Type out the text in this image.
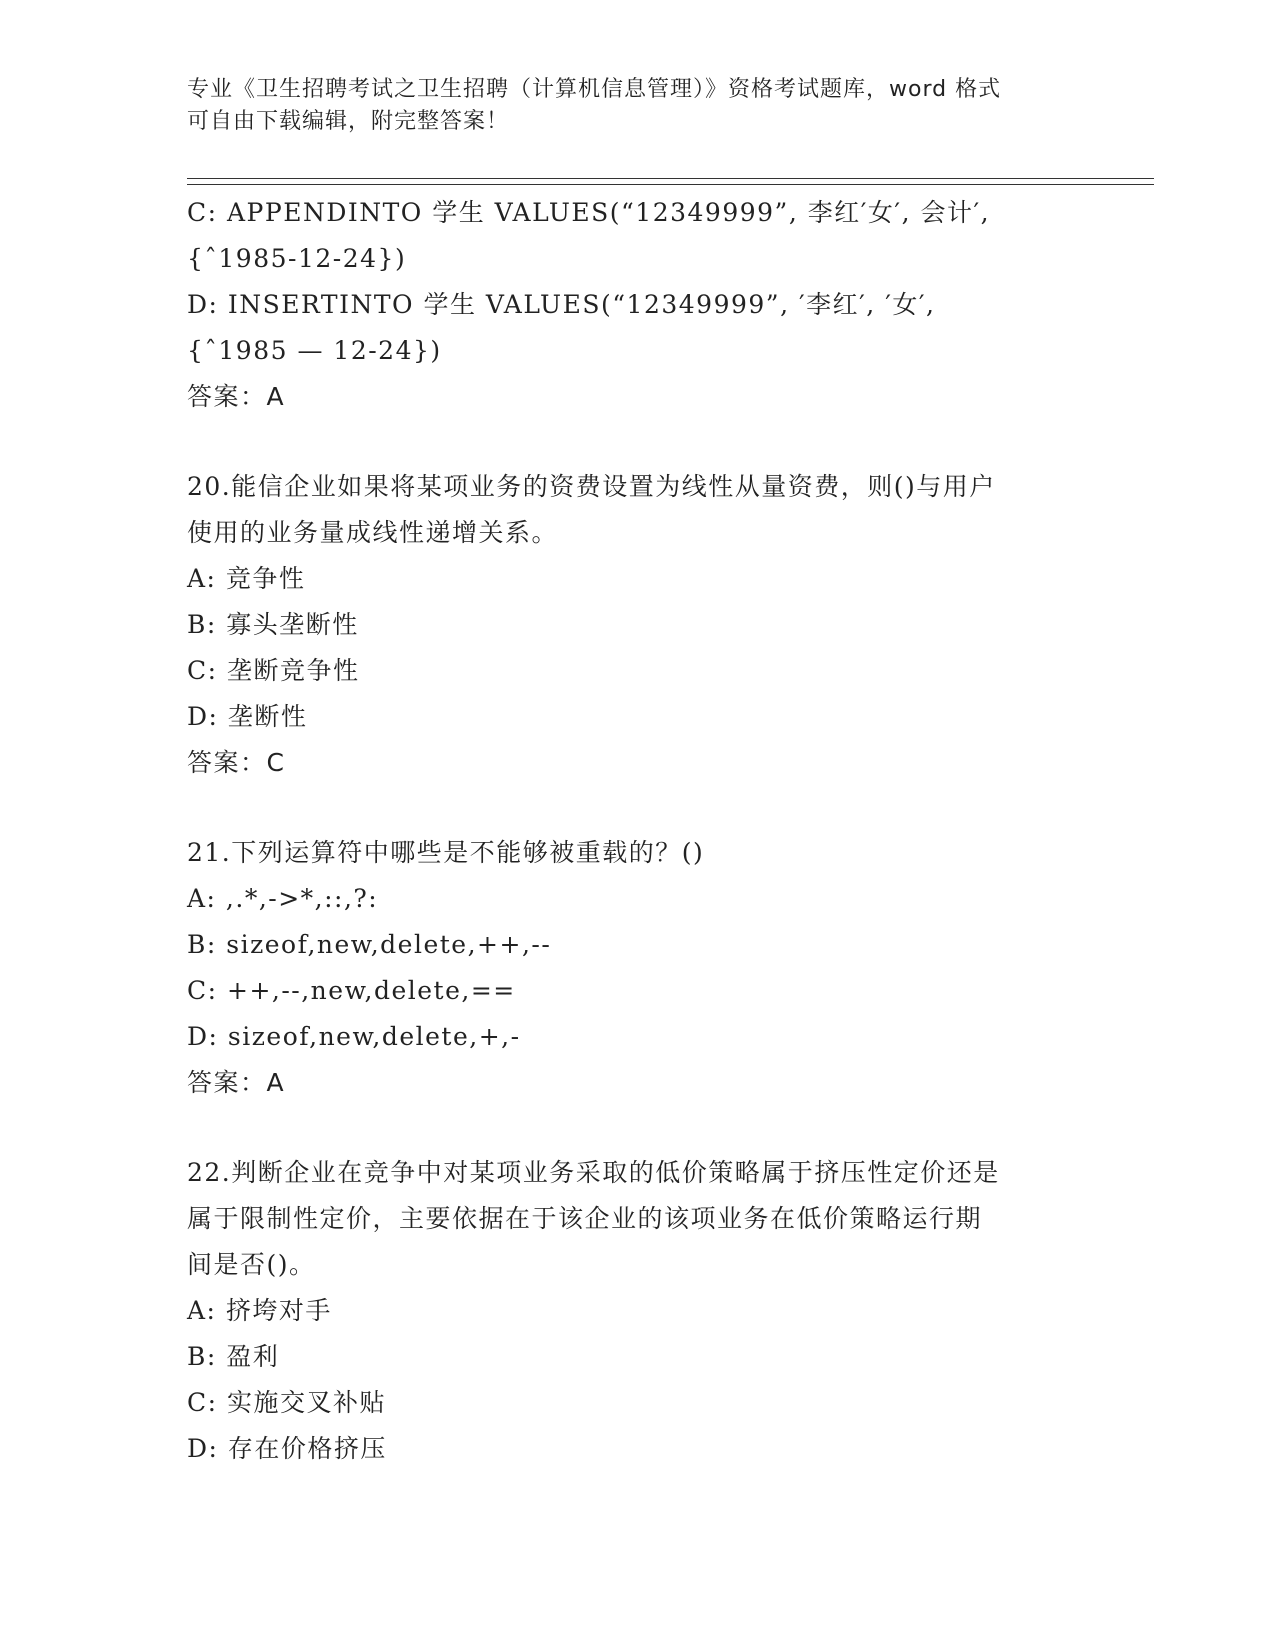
专业《卫生招聘考试之卫生招聘（计算机信息管理）》资格考试题库，word 格式
可自由下载编辑，附完整答案！
C: APPENDINTO 学生 VALUES(“12349999”, 李红′女′, 会计′,
{ˆ1985-12-24})
D: INSERTINTO 学生 VALUES(“12349999”, ′李红′, ′女′,
{ˆ1985 — 12-24})
答案：A
20.能信企业如果将某项业务的资费设置为线性从量资费，则()与用户
使用的业务量成线性递增关系。
A: 竞争性
B: 寡头垄断性
C: 垄断竞争性
D: 垄断性
答案：C
21.下列运算符中哪些是不能够被重载的？()
A: ,.*,->*,::,?:
B: sizeof,new,delete,++,--
C: ++,--,new,delete,==
D: sizeof,new,delete,+,-
答案：A
22.判断企业在竞争中对某项业务采取的低价策略属于挤压性定价还是
属于限制性定价，主要依据在于该企业的该项业务在低价策略运行期
间是否()。
A: 挤垮对手
B: 盈利
C: 实施交叉补贴
D: 存在价格挤压
